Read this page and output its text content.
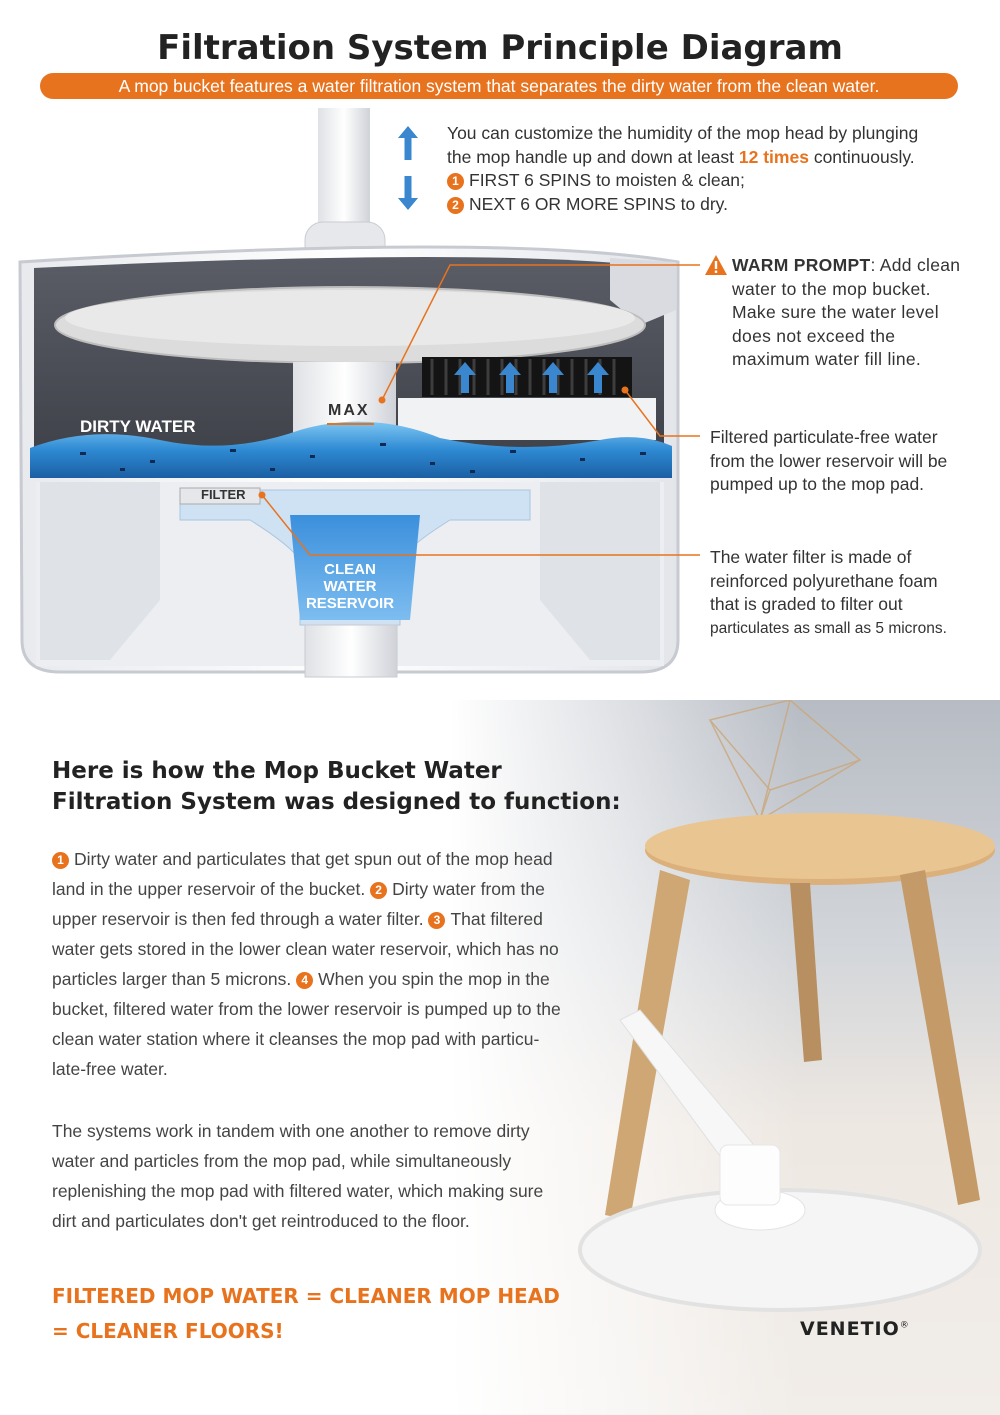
Filtration System Principle Diagram
A mop bucket features a water filtration system that separates the dirty water from the clean water.
MAX
DIRTY WATER
FILTER
CLEAN
WATER
RESERVOIR
You can customize the humidity of the mop head by plunging
the mop handle up and down at least 12 times continuously.
1 FIRST 6 SPINS to moisten & clean;
2 NEXT 6 OR MORE SPINS to dry.
WARM PROMPT: Add clean
water to the mop bucket.
Make sure the water level
does not exceed the
maximum water fill line.
Filtered particulate-free water
from the lower reservoir will be
pumped up to the mop pad.
The water filter is made of
reinforced polyurethane foam
that is graded to filter out
particulates as small as 5 microns.
Here is how the Mop Bucket Water
Filtration System was designed to function:
1 Dirty water and particulates that get spun out of the mop head
land in the upper reservoir of the bucket. 2 Dirty water from the
upper reservoir is then fed through a water filter. 3 That filtered
water gets stored in the lower clean water reservoir, which has no
particles larger than 5 microns. 4 When you spin the mop in the
bucket, filtered water from the lower reservoir is pumped up to the
clean water station where it cleanses the mop pad with particu-
late-free water.
The systems work in tandem with one another to remove dirty
water and particles from the mop pad, while simultaneously
replenishing the mop pad with filtered water, which making sure
dirt and particulates don't get reintroduced to the floor.
FILTERED MOP WATER = CLEANER MOP HEAD
= CLEANER FLOORS!	VENETIO®
